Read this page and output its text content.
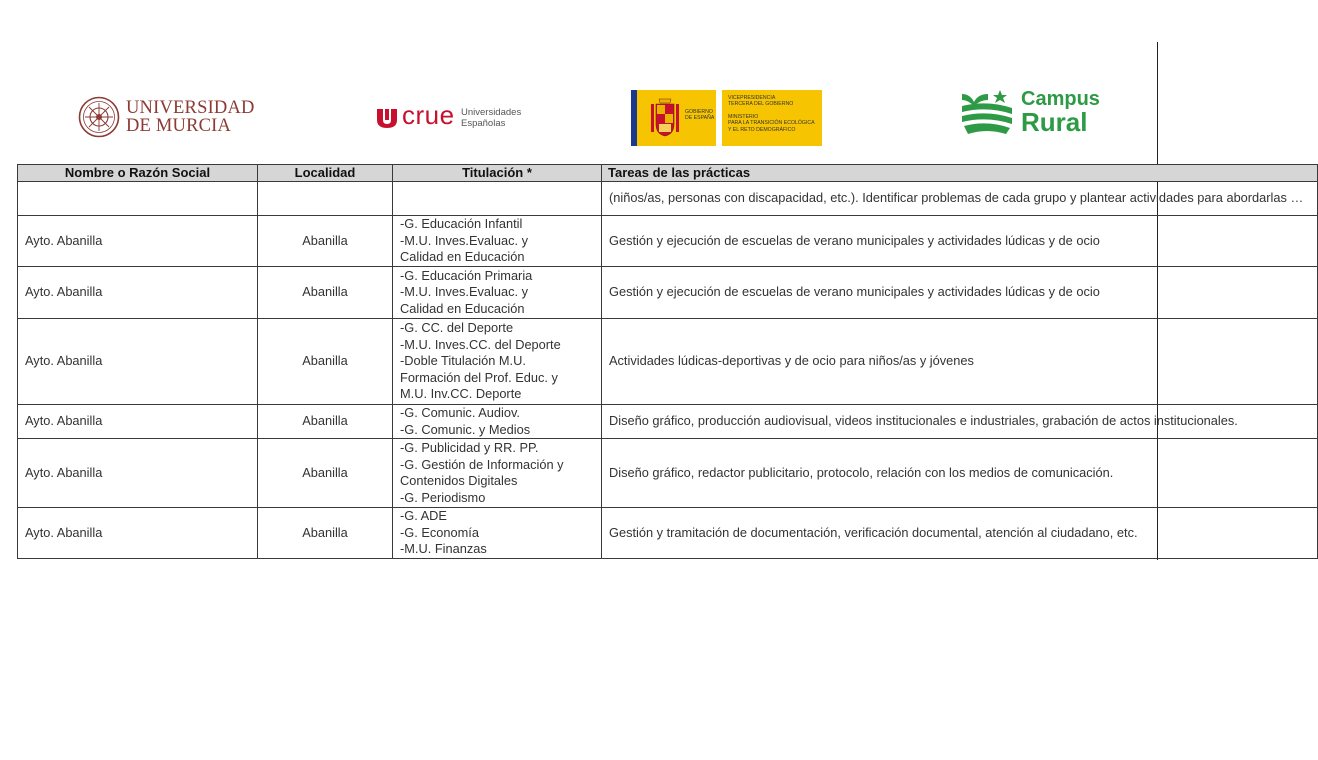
UNIVERSIDAD
DE MURCIA	crue Universidades
Españolas
GOBIERNO
DE ESPAÑA
VICEPRESIDENCIA
TERCERA DEL GOBIERNO
MINISTERIO
PARA LA TRANSICIÓN ECOLÓGICA
Y EL RETO DEMOGRÁFICO
Campus
Rural
Nombre o Razón Social	Localidad	Titulación *	Tareas de las prácticas

			(niños/as, personas con discapacidad, etc.). Identificar problemas de cada grupo y plantear actividades para abordarlas …

Ayto. Abanilla	Abanilla	-G. Educación Infantil
-M.U. Inves.Evaluac. y
Calidad en Educación	Gestión y ejecución de escuelas de verano municipales y actividades lúdicas y de ocio

Ayto. Abanilla	Abanilla	-G. Educación Primaria
-M.U. Inves.Evaluac. y
Calidad en Educación	Gestión y ejecución de escuelas de verano municipales y actividades lúdicas y de ocio

Ayto. Abanilla	Abanilla	-G. CC. del Deporte
-M.U. Inves.CC. del Deporte
-Doble Titulación M.U.
Formación del Prof. Educ. y
M.U. Inv.CC. Deporte	Actividades lúdicas-deportivas y de ocio para niños/as y jóvenes

Ayto. Abanilla	Abanilla	-G. Comunic. Audiov.
-G. Comunic. y Medios	Diseño gráfico, producción audiovisual, videos institucionales e industriales, grabación de actos institucionales.

Ayto. Abanilla	Abanilla	-G. Publicidad y RR. PP.
-G. Gestión de Información y
Contenidos Digitales
-G. Periodismo	Diseño gráfico, redactor publicitario, protocolo, relación con los medios de comunicación.

Ayto. Abanilla	Abanilla	-G. ADE
-G. Economía
-M.U. Finanzas	Gestión y tramitación de documentación, verificación documental, atención al ciudadano, etc.
